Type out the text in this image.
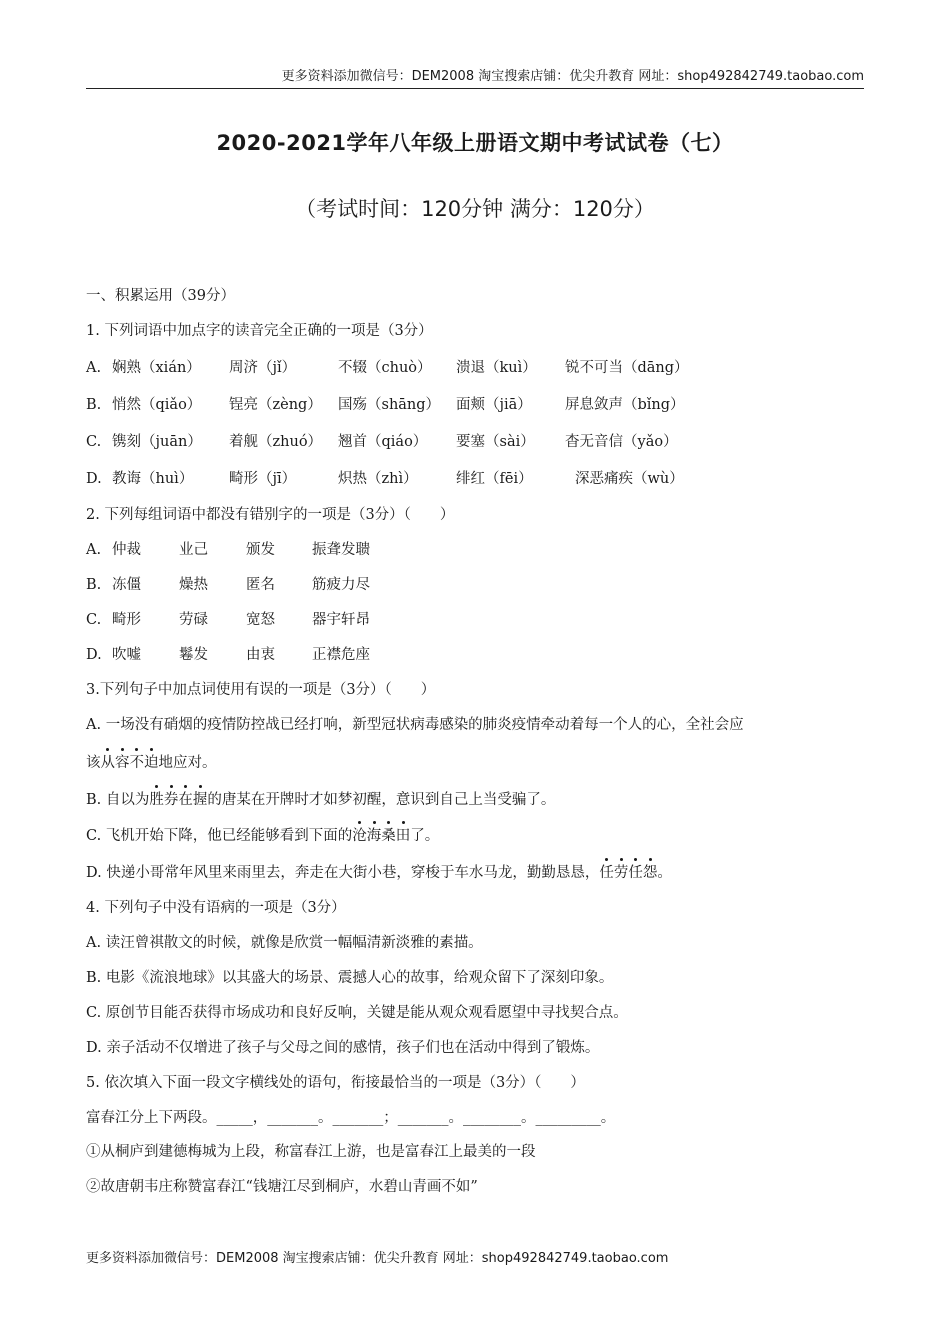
更多资料添加微信号：DEM2008 淘宝搜索店铺：优尖升教育 网址：shop492842749.taobao.com
2020-2021学年八年级上册语文期中考试试卷（七）
（考试时间：120分钟 满分：120分）
一、积累运用（39分）
1. 下列词语中加点字的读音完全正确的一项是（3分）
A. 娴熟（xián） 周济（jǐ）	不辍（chuò） 溃退（kuì） 锐不可当（dāng）
B. 悄然（qiǎo） 锃亮（zèng） 国殇（shāng） 面颊（jiā） 屏息敛声（bǐng）
C. 镌刻（juān） 着舰（zhuó） 翘首（qiáo） 要塞（sài） 杳无音信（yǎo）
D. 教诲（huì） 畸形（jī）	炽热（zhì）	绯红（fēi）	深恶痛疾（wù）
2. 下列每组词语中都没有错别字的一项是（3分）（　　）
A. 仲裁	业己	颁发	振聋发聩
B. 冻僵	燥热	匿名	筋疲力尽
C. 畸形	劳碌	宽怒	器宇轩昂
D. 吹嘘	鬈发	由衷	正襟危座
3.下列句子中加点词使用有误的一项是（3分）（　　）
A. 一场没有硝烟的疫情防控战已经打响，新型冠状病毒感染的肺炎疫情牵动着每一个人的心，全社会应
该从容不迫地应对。
B. 自以为胜券在握的唐某在开牌时才如梦初醒，意识到自己上当受骗了。
C. 飞机开始下降，他已经能够看到下面的沧海桑田了。
D. 快递小哥常年风里来雨里去，奔走在大街小巷，穿梭于车水马龙，勤勤恳恳，任劳任怨。
4. 下列句子中没有语病的一项是（3分）
A. 读汪曾祺散文的时候，就像是欣赏一幅幅清新淡雅的素描。
B. 电影《流浪地球》以其盛大的场景、震撼人心的故事，给观众留下了深刻印象。
C. 原创节目能否获得市场成功和良好反响，关键是能从观众观看愿望中寻找契合点。
D. 亲子活动不仅增进了孩子与父母之间的感情，孩子们也在活动中得到了锻炼。
5. 依次填入下面一段文字横线处的语句，衔接最恰当的一项是（3分）（　　）
富春江分上下两段。_____，_______。_______；_______。________。_________。
①从桐庐到建德梅城为上段，称富春江上游，也是富春江上最美的一段
②故唐朝韦庄称赞富春江“钱塘江尽到桐庐，水碧山青画不如”
更多资料添加微信号：DEM2008 淘宝搜索店铺：优尖升教育 网址：shop492842749.taobao.com
